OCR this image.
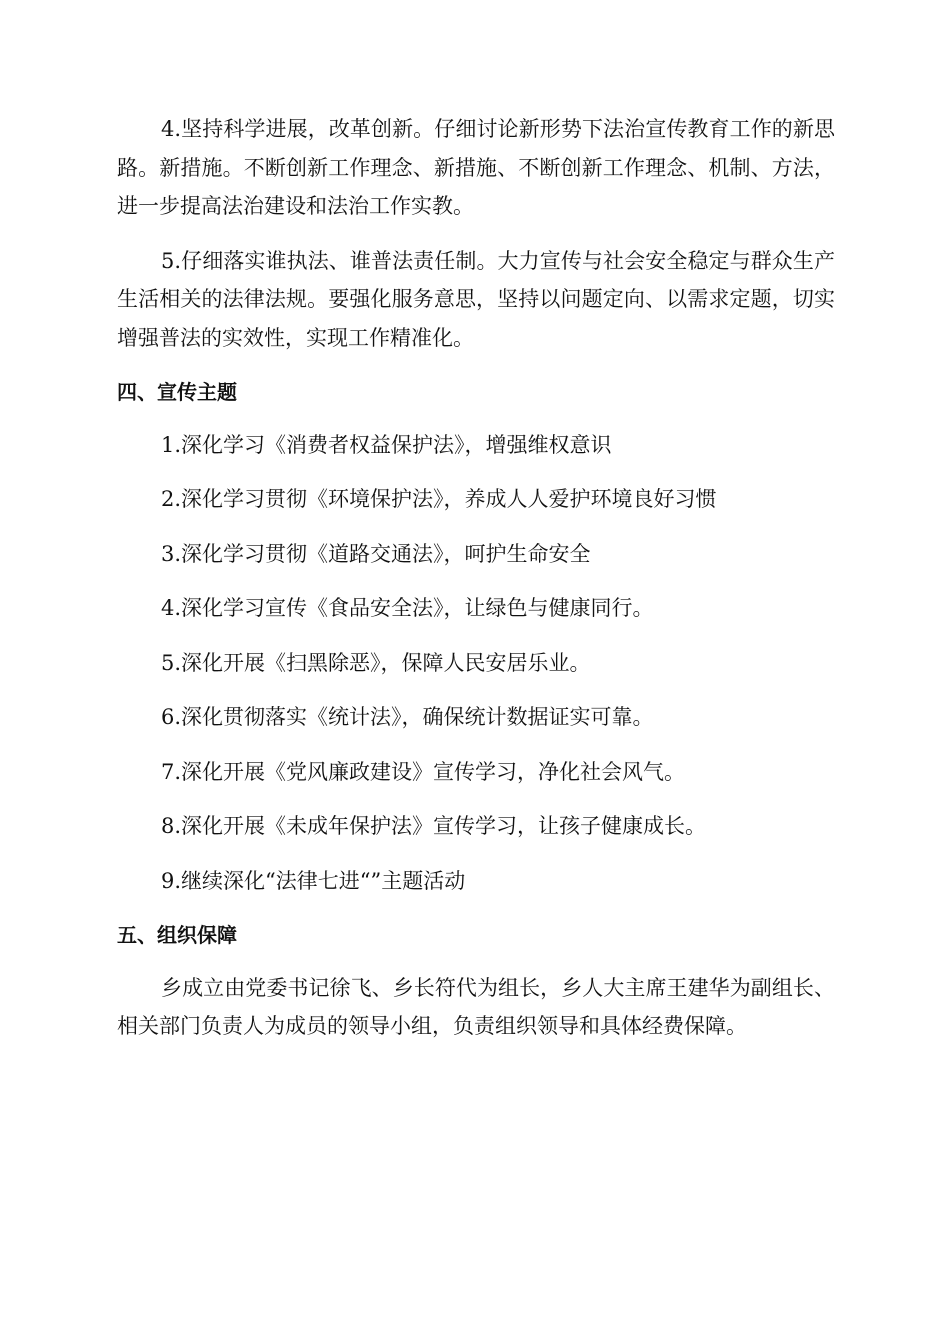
4.坚持科学进展，改革创新。仔细讨论新形势下法治宣传教育工作的新思路。新措施。不断创新工作理念、新措施、不断创新工作理念、机制、方法，进一步提高法治建设和法治工作实教。

5.仔细落实谁执法、谁普法责任制。大力宣传与社会安全稳定与群众生产生活相关的法律法规。要强化服务意思，坚持以问题定向、以需求定题，切实增强普法的实效性，实现工作精准化。

四、宣传主题
1.深化学习《消费者权益保护法》，增强维权意识
2.深化学习贯彻《环境保护法》，养成人人爱护环境良好习惯
3.深化学习贯彻《道路交通法》，呵护生命安全
4.深化学习宣传《食品安全法》，让绿色与健康同行。
5.深化开展《扫黑除恶》，保障人民安居乐业。
6.深化贯彻落实《统计法》，确保统计数据证实可靠。
7.深化开展《党风廉政建设》宣传学习，净化社会风气。
8.深化开展《未成年保护法》宣传学习，让孩子健康成长。
9.继续深化“法律七进“”主题活动
五、组织保障

乡成立由党委书记徐飞、乡长符代为组长，乡人大主席王建华为副组长、相关部门负责人为成员的领导小组，负责组织领导和具体经费保障。
